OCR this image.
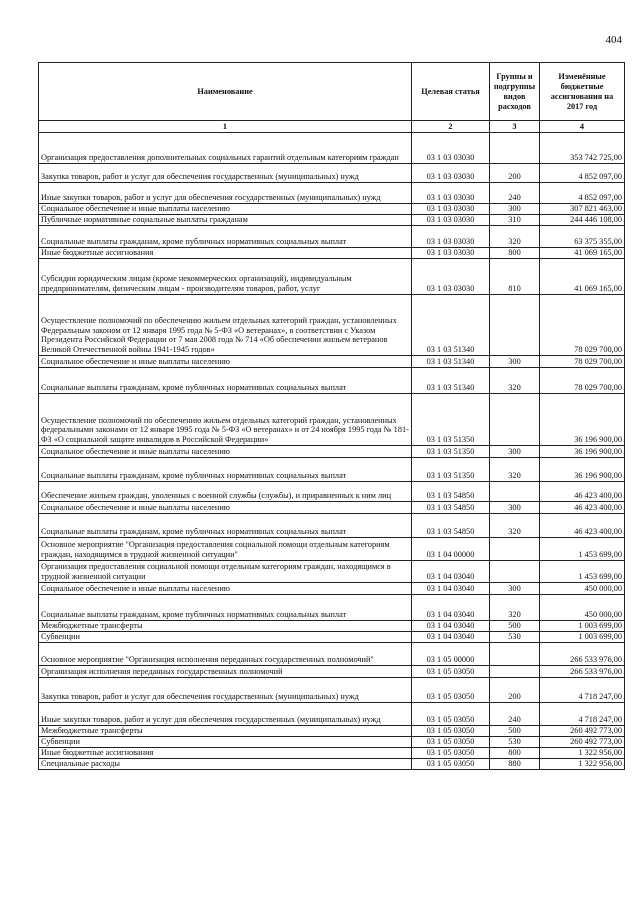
404
Наименование	Целевая статья	Группы и подгруппы видов расходов	Изменённые бюджетные ассигнования на 2017 год
1	2	3	4
Организация предоставления дополнительных социальных гарантий отдельным категориям граждан	03 1 03 03030		353 742 725,00
Закупка товаров, работ и услуг для обеспечения государственных (муниципальных) нужд	03 1 03 03030	200	4 852 097,00
Иные закупки товаров, работ и услуг для обеспечения государственных (муниципальных) нужд	03 1 03 03030	240	4 852 097,00
Социальное обеспечение и иные выплаты населению	03 1 03 03030	300	307 821 463,00
Публичные нормативные социальные выплаты гражданам	03 1 03 03030	310	244 446 108,00
Социальные выплаты гражданам, кроме публичных нормативных социальных выплат	03 1 03 03030	320	63 375 355,00
Иные бюджетные ассигнования	03 1 03 03030	800	41 069 165,00
Субсидии юридическим лицам (кроме некоммерческих организаций), индивидуальным предпринимателям, физическим лицам - производителям товаров, работ, услуг	03 1 03 03030	810	41 069 165,00
Осуществление полномочий по обеспечению жильем отдельных категорий граждан, установленных Федеральным законом от 12 января 1995 года № 5-ФЗ «О ветеранах», в соответствии с Указом Президента Российской Федерации от 7 мая 2008 года № 714 «Об обеспечении жильем ветеранов Великой Отечественной войны 1941-1945 годов»	03 1 03 51340		78 029 700,00
Социальное обеспечение и иные выплаты населению	03 1 03 51340	300	78 029 700,00
Социальные выплаты гражданам, кроме публичных нормативных социальных выплат	03 1 03 51340	320	78 029 700,00
Осуществление полномочий по обеспечению жильем отдельных категорий граждан, установленных федеральными законами от 12 января 1995 года № 5-ФЗ «О ветеранах» и от 24 ноября 1995 года № 181-ФЗ «О социальной защите инвалидов в Российской Федерации»	03 1 03 51350		36 196 900,00
Социальное обеспечение и иные выплаты населению	03 1 03 51350	300	36 196 900,00
Социальные выплаты гражданам, кроме публичных нормативных социальных выплат	03 1 03 51350	320	36 196 900,00
Обеспечение жильем граждан, уволенных с военной службы (службы), и приравненных к ним лиц	03 1 03 54850		46 423 400,00
Социальное обеспечение и иные выплаты населению	03 1 03 54850	300	46 423 400,00
Социальные выплаты гражданам, кроме публичных нормативных социальных выплат	03 1 03 54850	320	46 423 400,00
Основное мероприятие "Организация предоставления социальной помощи отдельным категориям граждан, находящимся в трудной жизненной ситуации"	03 1 04 00000		1 453 699,00
Организация предоставления социальной помощи отдельным категориям граждан, находящимся в трудной жизненной ситуации	03 1 04 03040		1 453 699,00
Социальное обеспечение и иные выплаты населению	03 1 04 03040	300	450 000,00
Социальные выплаты гражданам, кроме публичных нормативных социальных выплат	03 1 04 03040	320	450 000,00
Межбюджетные трансферты	03 1 04 03040	500	1 003 699,00
Субвенции	03 1 04 03040	530	1 003 699,00
Основное мероприятие "Организация исполнения переданных государственных полномочий"	03 1 05 00000		266 533 976,00
Организация исполнения переданных государственных полномочий	03 1 05 03050		266 533 976,00
Закупка товаров, работ и услуг для обеспечения государственных (муниципальных) нужд	03 1 05 03050	200	4 718 247,00
Иные закупки товаров, работ и услуг для обеспечения государственных (муниципальных) нужд	03 1 05 03050	240	4 718 247,00
Межбюджетные трансферты	03 1 05 03050	500	260 492 773,00
Субвенции	03 1 05 03050	530	260 492 773,00
Иные бюджетные ассигнования	03 1 05 03050	800	1 322 956,00
Специальные расходы	03 1 05 03050	880	1 322 956,00
